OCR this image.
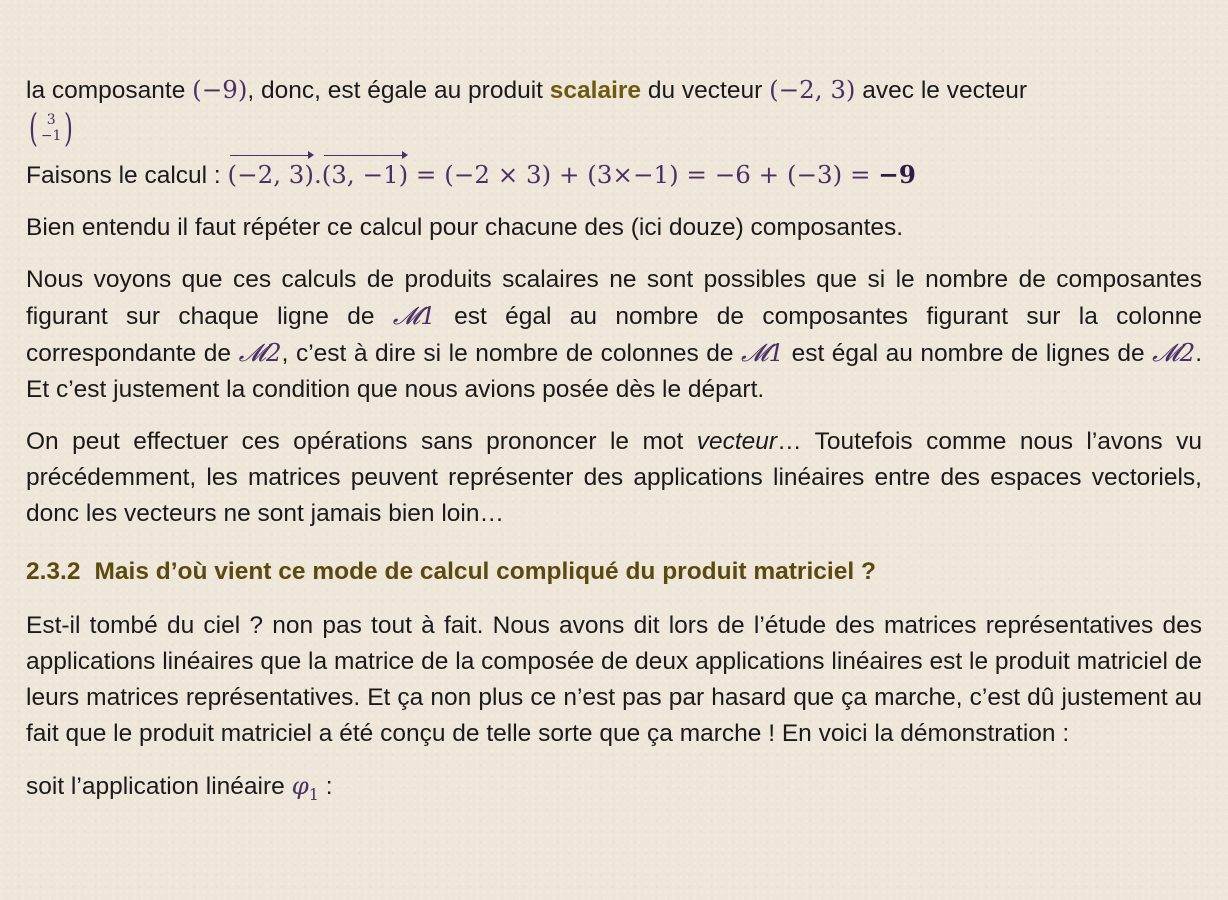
la composante (−9), donc, est égale au produit scalaire du vecteur (−2, 3) avec le vecteur

( 3
−1 )

Faisons le calcul : (−2, 3).(3, −1) = (−2 × 3) + (3×−1) = −6 + (−3) = −9

Bien entendu il faut répéter ce calcul pour chacune des (ici douze) composantes.

Nous voyons que ces calculs de produits scalaires ne sont possibles que si le nombre de composantes figurant sur chaque ligne de 𝓜1 est égal au nombre de composantes figurant sur la colonne correspondante de 𝓜2, c’est à dire si le nombre de colonnes de 𝓜1 est égal au nombre de lignes de 𝓜2. Et c’est justement la condition que nous avions posée dès le départ.

On peut effectuer ces opérations sans prononcer le mot vecteur… Toutefois comme nous l’avons vu précédemment, les matrices peuvent représenter des applications linéaires entre des espaces vectoriels, donc les vecteurs ne sont jamais bien loin…

2.3.2 Mais d’où vient ce mode de calcul compliqué du produit matriciel ?

Est-il tombé du ciel ? non pas tout à fait. Nous avons dit lors de l’étude des matrices représentatives des applications linéaires que la matrice de la composée de deux applications linéaires est le produit matriciel de leurs matrices représentatives. Et ça non plus ce n’est pas par hasard que ça marche, c’est dû justement au fait que le produit matriciel a été conçu de telle sorte que ça marche ! En voici la démonstration :

soit l’application linéaire $\varphi_1$ :
